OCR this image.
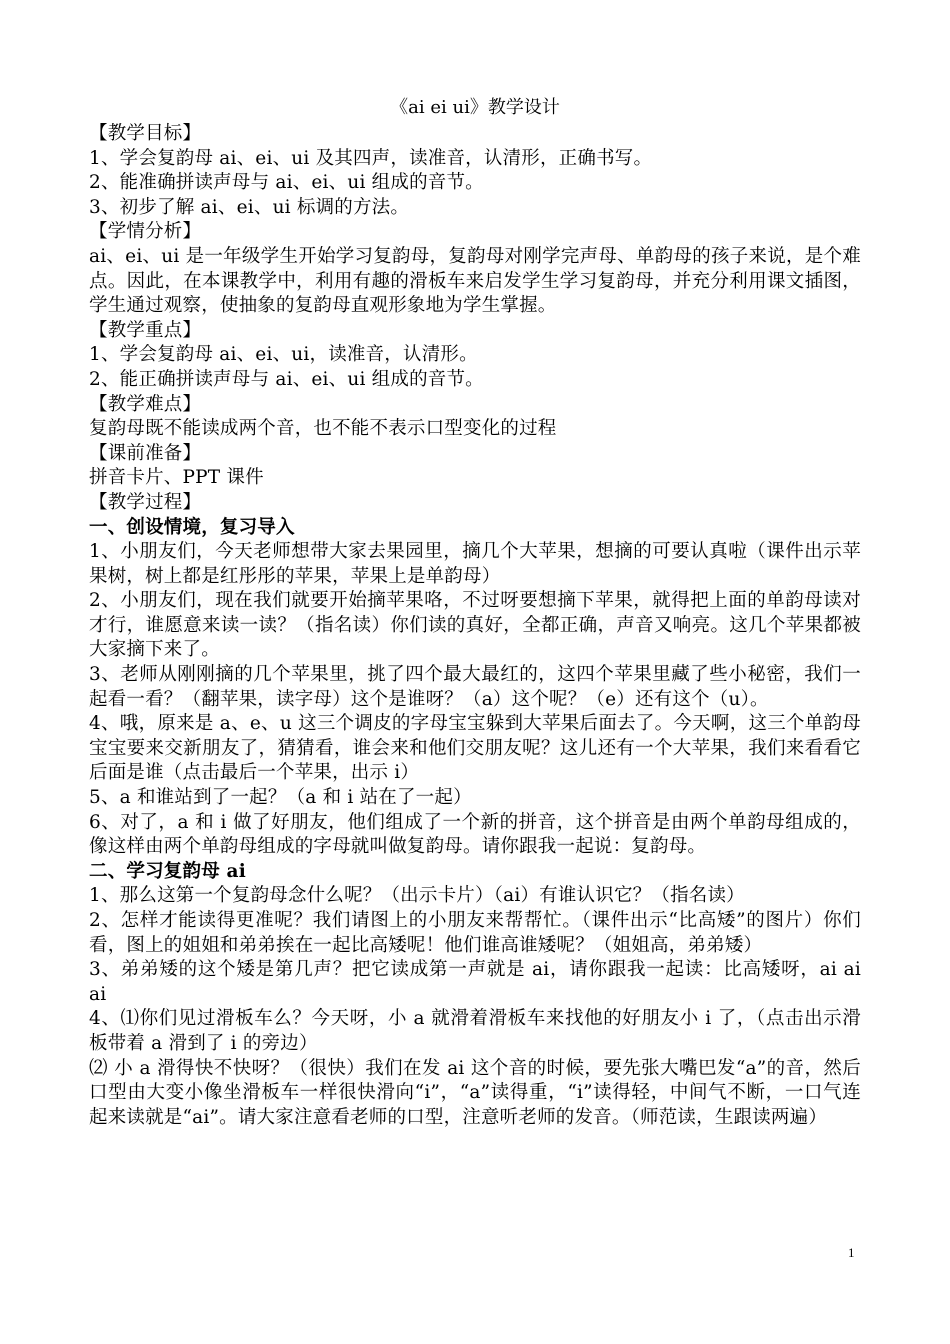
《ai ei ui》教学设计

【教学目标】

1、学会复韵母 ai、ei、ui 及其四声，读准音，认清形，正确书写。

2、能准确拼读声母与 ai、ei、ui 组成的音节。

3、初步了解 ai、ei、ui 标调的方法。

【学情分析】

ai、ei、ui 是一年级学生开始学习复韵母，复韵母对刚学完声母、单韵母的孩子来说，是个难点。因此，在本课教学中，利用有趣的滑板车来启发学生学习复韵母，并充分利用课文插图，学生通过观察，使抽象的复韵母直观形象地为学生掌握。

【教学重点】

1、学会复韵母 ai、ei、ui，读准音，认清形。

2、能正确拼读声母与 ai、ei、ui 组成的音节。

【教学难点】

复韵母既不能读成两个音，也不能不表示口型变化的过程

【课前准备】

拼音卡片、PPT 课件

【教学过程】

一、创设情境，复习导入

1、小朋友们，今天老师想带大家去果园里，摘几个大苹果，想摘的可要认真啦（课件出示苹果树，树上都是红彤彤的苹果，苹果上是单韵母）

2、小朋友们，现在我们就要开始摘苹果咯，不过呀要想摘下苹果，就得把上面的单韵母读对才行，谁愿意来读一读？（指名读）你们读的真好，全都正确，声音又响亮。这几个苹果都被大家摘下来了。

3、老师从刚刚摘的几个苹果里，挑了四个最大最红的，这四个苹果里藏了些小秘密，我们一起看一看？（翻苹果，读字母）这个是谁呀？（a）这个呢？（e）还有这个（u）。

4、哦，原来是 a、e、u 这三个调皮的字母宝宝躲到大苹果后面去了。今天啊，这三个单韵母宝宝要来交新朋友了，猜猜看，谁会来和他们交朋友呢？这儿还有一个大苹果，我们来看看它后面是谁（点击最后一个苹果，出示 i）

5、a 和谁站到了一起？（a 和 i 站在了一起）

6、对了，a 和 i 做了好朋友，他们组成了一个新的拼音，这个拼音是由两个单韵母组成的，像这样由两个单韵母组成的字母就叫做复韵母。请你跟我一起说：复韵母。

二、学习复韵母 ai

1、那么这第一个复韵母念什么呢？（出示卡片）（ai）有谁认识它？（指名读）

2、怎样才能读得更准呢？我们请图上的小朋友来帮帮忙。（课件出示“比高矮”的图片）你们看，图上的姐姐和弟弟挨在一起比高矮呢！他们谁高谁矮呢？（姐姐高，弟弟矮）

3、弟弟矮的这个矮是第几声？把它读成第一声就是 ai，请你跟我一起读：比高矮呀，ai ai ai

4、⑴你们见过滑板车么？今天呀，小 a 就滑着滑板车来找他的好朋友小 i 了，（点击出示滑板带着 a 滑到了 i 的旁边）

⑵ 小 a 滑得快不快呀？（很快）我们在发 ai 这个音的时候，要先张大嘴巴发“a”的音，然后口型由大变小像坐滑板车一样很快滑向“i”，“a”读得重，“i”读得轻，中间气不断，一口气连起来读就是“ai”。请大家注意看老师的口型，注意听老师的发音。（师范读，生跟读两遍）

1
